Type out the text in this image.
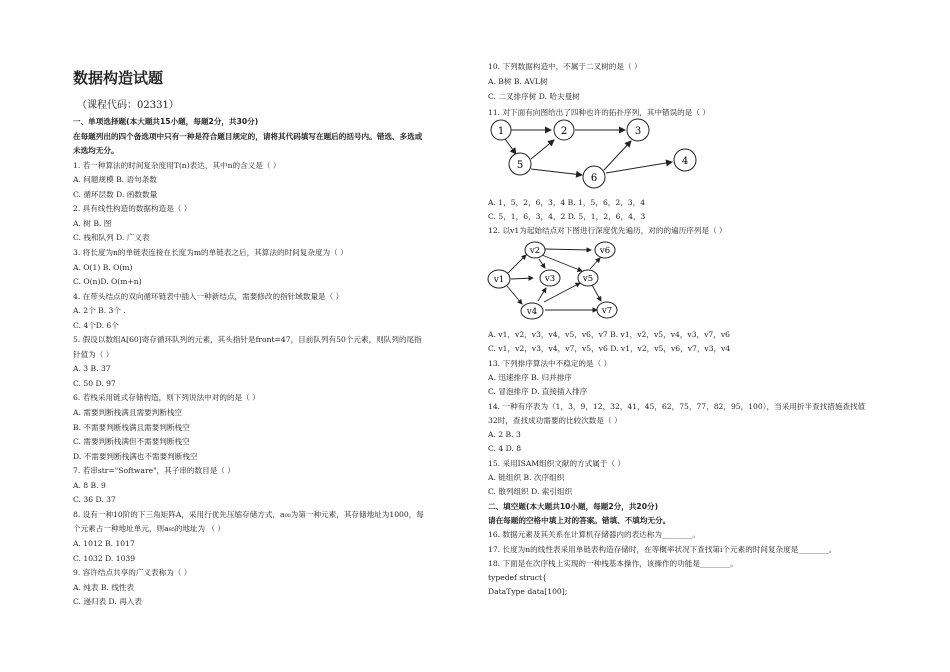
数据构造试题
（课程代码：02331）
一、单项选择题(本大题共15小题，每题2分，共30分)
在每题列出的四个备选项中只有一种是符合题目规定的，请将其代码填写在题后的括号内。错选、多选或
未选均无分。
1. 若一种算法的时间复杂度用T(n)表达，其中n的含义是（ ）
A. 问题规模 B. 语句条数
C. 循环层数 D. 函数数量
2. 具有线性构造的数据构造是（ ）
A. 树 B. 图
C. 栈和队列 D. 广义表
3. 将长度为n的单链表连接在长度为m的单链表之后，其算法的时间复杂度为（ ）
A. O(1) B. O(m)
C. O(n)D. O(m+n)
4. 在带头结点的双向循环链表中插入一种新结点，需要修改的指针域数量是（ ）
A. 2个 B. 3个 .
C. 4个D. 6个
5. 假设以数组A[60]寄存循环队列的元素，其头指针是front=47，目前队列有50个元素，则队列的尾指
针值为（ ）
A. 3 B. 37
C. 50 D. 97
6. 若栈采用链式存储构造，则下列说法中对的的是（ ）
A. 需要判断栈满且需要判断栈空
B. 不需要判断栈满且需要判断栈空
C. 需要判断栈满但不需要判断栈空
D. 不需要判断栈满也不需要判断栈空
7. 若串str="Software"，其子串的数目是（ ）
A. 8 B. 9
C. 36 D. 37
8. 设有一种10阶的下三角矩阵A，采用行优先压缩存储方式，a₀₀为第一种元素，其存储地址为1000，每
个元素占一种地址单元，则a₈₅的地址为 （ ）
A. 1012 B. 1017
C. 1032 D. 1039
9. 容许结点共享的广义表称为（ ）
A. 纯表 B. 线性表
C. 递归表 D. 再入表
10. 下列数据构造中，不属于二叉树的是（ ）
A. B树 B. AVL树
C. 二叉排序树 D. 哈夫曼树
11. 对下面有向图给出了四种也许的拓扑序列，其中错误的是（ ）
1	2	3
4
5
6
A. 1，5，2，6，3，4 B. 1，5，6，2，3，4
C. 5，1，6，3，4，2 D. 5，1，2，6，4，3
12. 以v1为起始结点对下图进行深度优先遍历，对的的遍历序列是（ ）
v1
v2
v3
v4
v5
v6
v7
A. v1，v2，v3，v4，v5，v6，v7 B. v1，v2，v5，v4，v3，v7，v6
C. v1，v2，v3，v4，v7，v5，v6 D. v1，v2，v5，v6，v7，v3，v4
13. 下列排序算法中不稳定的是（ ）
A. 迅速排序 B. 归并排序
C. 冒泡排序 D. 直接插入排序
14. 一种有序表为（1，3，9，12，32，41，45，62，75，77，82，95，100），当采用折半查找措施查找值
32时，查找成功需要的比较次数是（ ）
A. 2 B. 3
C. 4 D. 8
15. 采用ISAM组织文献的方式属于（ ）
A. 链组织 B. 次序组织
C. 散列组织 D. 索引组织
二、填空题(本大题共10小题，每题2分，共20分)
请在每题的空格中填上对的答案。错填、不填均无分。
16. 数据元素及其关系在计算机存储器内的表达称为________。
17. 长度为n的线性表采用单链表构造存储时，在等概率状况下查找第i个元素的时间复杂度是________。
18. 下面是在次序栈上实现的一种栈基本操作，该操作的功能是________。
typedef struct{
DataType data[100];
